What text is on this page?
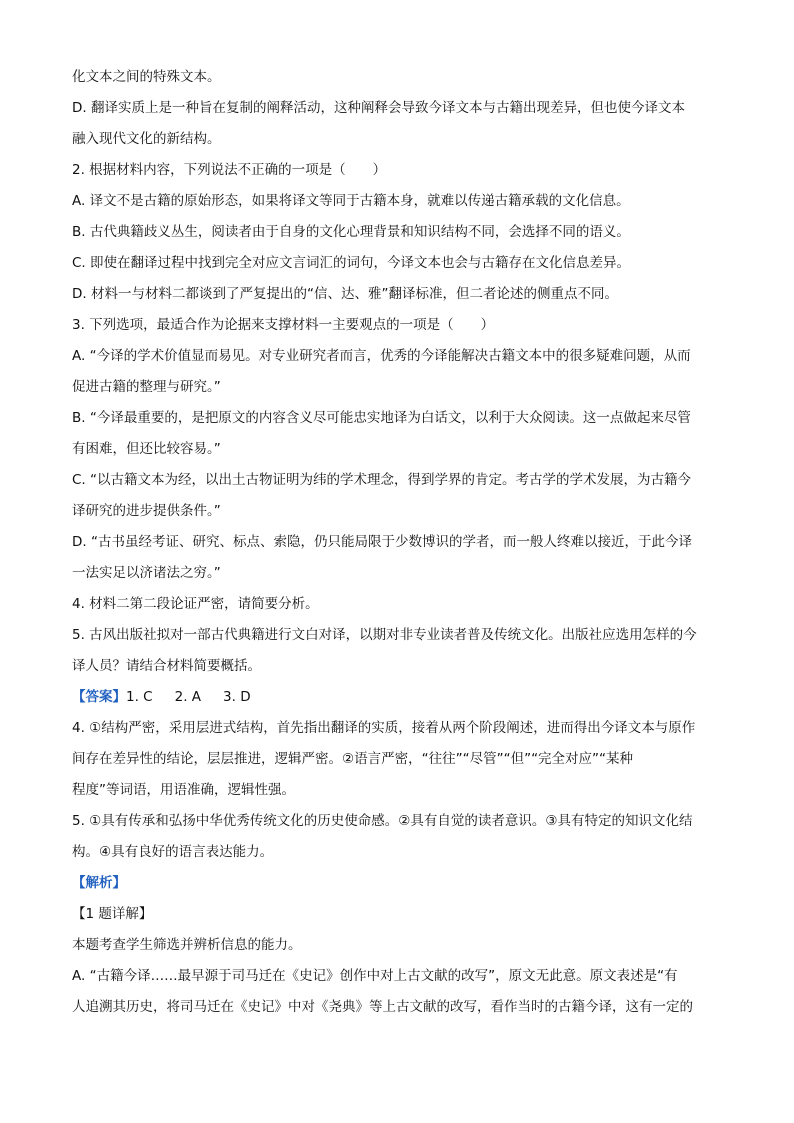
化文本之间的特殊文本。
D. 翻译实质上是一种旨在复制的阐释活动，这种阐释会导致今译文本与古籍出现差异，但也使今译文本
融入现代文化的新结构。
2. 根据材料内容，下列说法不正确的一项是（　　）
A. 译文不是古籍的原始形态，如果将译文等同于古籍本身，就难以传递古籍承载的文化信息。
B. 古代典籍歧义丛生，阅读者由于自身的文化心理背景和知识结构不同，会选择不同的语义。
C. 即使在翻译过程中找到完全对应文言词汇的词句，今译文本也会与古籍存在文化信息差异。
D. 材料一与材料二都谈到了严复提出的“信、达、雅”翻译标准，但二者论述的侧重点不同。
3. 下列选项，最适合作为论据来支撑材料一主要观点的一项是（　　）
A. “今译的学术价值显而易见。对专业研究者而言，优秀的今译能解决古籍文本中的很多疑难问题，从而
促进古籍的整理与研究。”
B. “今译最重要的，是把原文的内容含义尽可能忠实地译为白话文，以利于大众阅读。这一点做起来尽管
有困难，但还比较容易。”
C. “以古籍文本为经，以出土古物证明为纬的学术理念，得到学界的肯定。考古学的学术发展，为古籍今
译研究的进步提供条件。”
D. “古书虽经考证、研究、标点、索隐，仍只能局限于少数博识的学者，而一般人终难以接近，于此今译
一法实足以济诸法之穷。”
4. 材料二第二段论证严密，请简要分析。
5. 古风出版社拟对一部古代典籍进行文白对译，以期对非专业读者普及传统文化。出版社应选用怎样的今
译人员？请结合材料简要概括。
【答案】1. C 2. A 3. D
4. ①结构严密，采用层进式结构，首先指出翻译的实质，接着从两个阶段阐述，进而得出今译文本与原作
间存在差异性的结论，层层推进，逻辑严密。②语言严密，“往往”“尽管”“但”“完全对应”“某种
程度”等词语，用语准确，逻辑性强。
5. ①具有传承和弘扬中华优秀传统文化的历史使命感。②具有自觉的读者意识。③具有特定的知识文化结
构。④具有良好的语言表达能力。
【解析】
【1 题详解】
本题考查学生筛选并辨析信息的能力。
A. “古籍今译……最早源于司马迁在《史记》创作中对上古文献的改写”，原文无此意。原文表述是“有
人追溯其历史，将司马迁在《史记》中对《尧典》等上古文献的改写，看作当时的古籍今译，这有一定的
